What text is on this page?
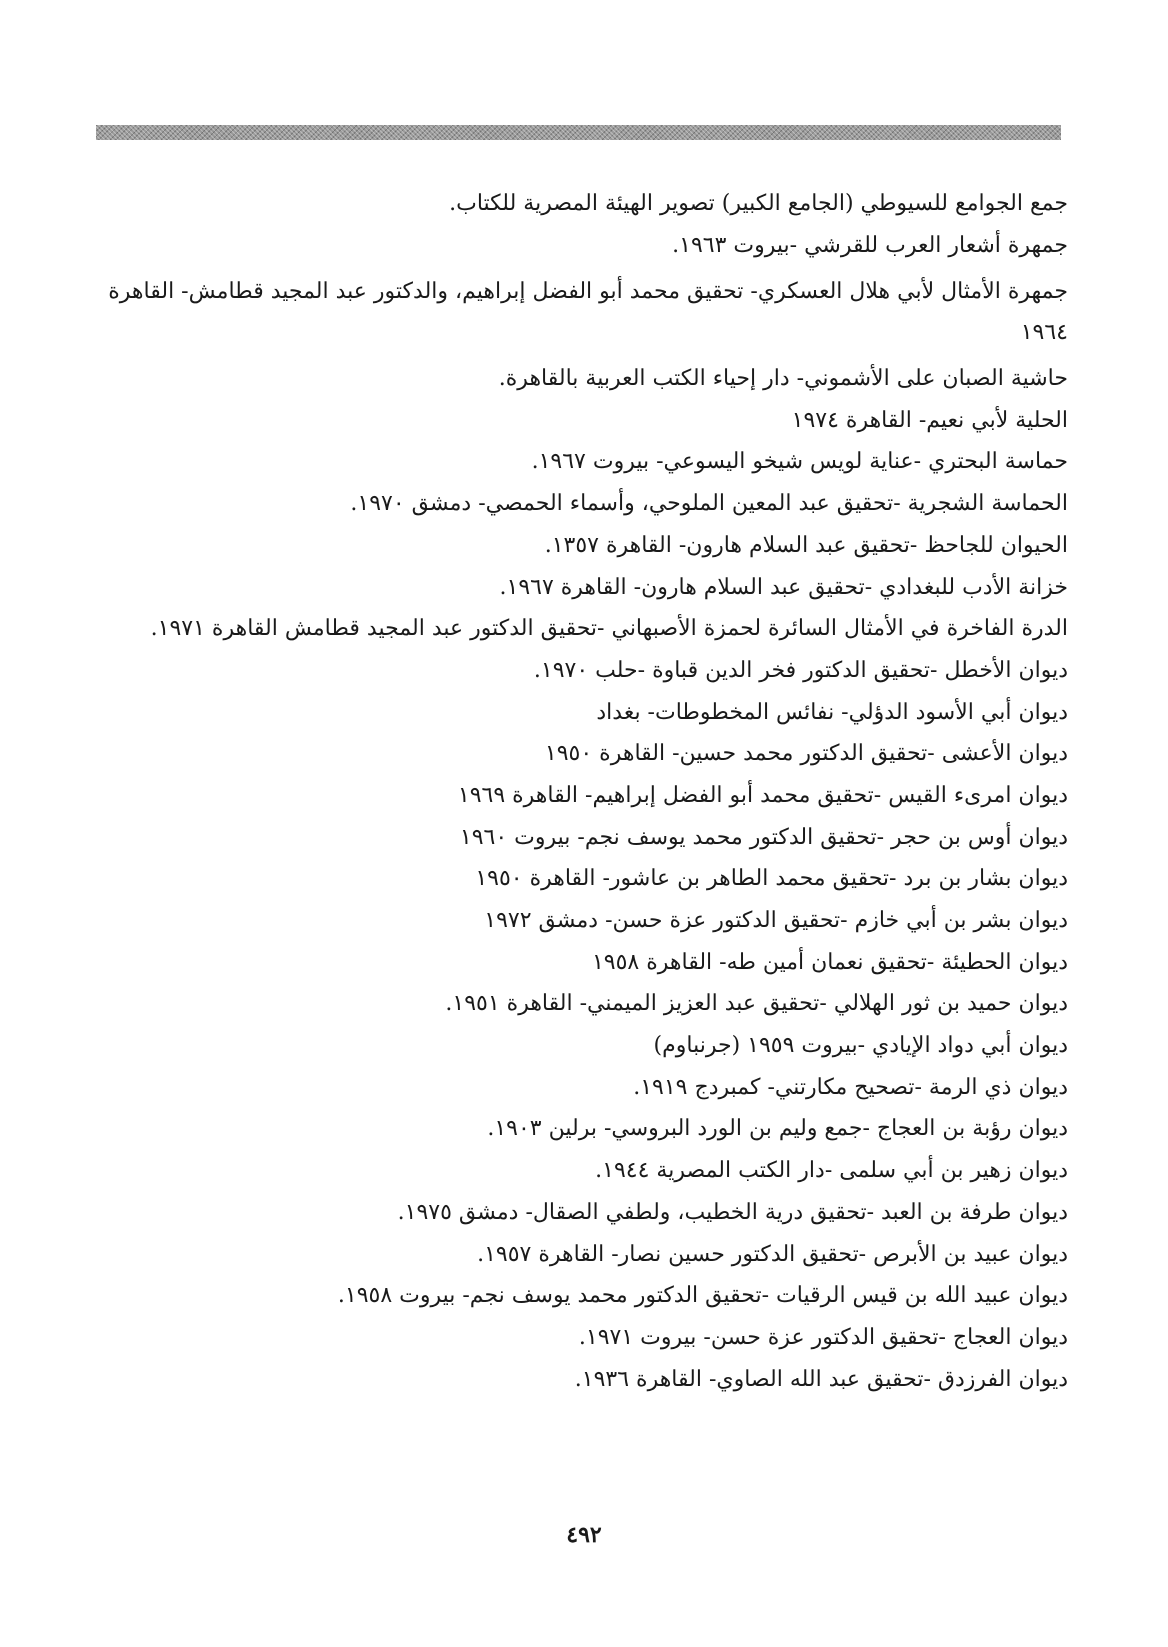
جمع الجوامع للسيوطي (الجامع الكبير) تصوير الهيئة المصرية للكتاب.
جمهرة أشعار العرب للقرشي -بيروت ١٩٦٣.
جمهرة الأمثال لأبي هلال العسكري- تحقيق محمد أبو الفضل إبراهيم، والدكتور عبد المجيد قطامش- القاهرة ١٩٦٤
حاشية الصبان على الأشموني- دار إحياء الكتب العربية بالقاهرة.
الحلية لأبي نعيم- القاهرة ١٩٧٤
حماسة البحتري -عناية لويس شيخو اليسوعي- بيروت ١٩٦٧.
الحماسة الشجرية -تحقيق عبد المعين الملوحي، وأسماء الحمصي- دمشق ١٩٧٠.
الحيوان للجاحظ -تحقيق عبد السلام هارون- القاهرة ١٣٥٧.
خزانة الأدب للبغدادي -تحقيق عبد السلام هارون- القاهرة ١٩٦٧.
الدرة الفاخرة في الأمثال السائرة لحمزة الأصبهاني -تحقيق الدكتور عبد المجيد قطامش القاهرة ١٩٧١.
ديوان الأخطل -تحقيق الدكتور فخر الدين قباوة -حلب ١٩٧٠.
ديوان أبي الأسود الدؤلي- نفائس المخطوطات- بغداد
ديوان الأعشى -تحقيق الدكتور محمد حسين- القاهرة ١٩٥٠
ديوان امرىء القيس -تحقيق محمد أبو الفضل إبراهيم- القاهرة ١٩٦٩
ديوان أوس بن حجر -تحقيق الدكتور محمد يوسف نجم- بيروت ١٩٦٠
ديوان بشار بن برد -تحقيق محمد الطاهر بن عاشور- القاهرة ١٩٥٠
ديوان بشر بن أبي خازم -تحقيق الدكتور عزة حسن- دمشق ١٩٧٢
ديوان الحطيئة -تحقيق نعمان أمين طه- القاهرة ١٩٥٨
ديوان حميد بن ثور الهلالي -تحقيق عبد العزيز الميمني- القاهرة ١٩٥١.
ديوان أبي دواد الإيادي -بيروت ١٩٥٩ (جرنباوم)
ديوان ذي الرمة -تصحيح مكارتني- كمبردج ١٩١٩.
ديوان رؤبة بن العجاج -جمع وليم بن الورد البروسي- برلين ١٩٠٣.
ديوان زهير بن أبي سلمى -دار الكتب المصرية ١٩٤٤.
ديوان طرفة بن العبد -تحقيق درية الخطيب، ولطفي الصقال- دمشق ١٩٧٥.
ديوان عبيد بن الأبرص -تحقيق الدكتور حسين نصار- القاهرة ١٩٥٧.
ديوان عبيد الله بن قيس الرقيات -تحقيق الدكتور محمد يوسف نجم- بيروت ١٩٥٨.
ديوان العجاج -تحقيق الدكتور عزة حسن- بيروت ١٩٧١.
ديوان الفرزدق -تحقيق عبد الله الصاوي- القاهرة ١٩٣٦.
٤٩٢
